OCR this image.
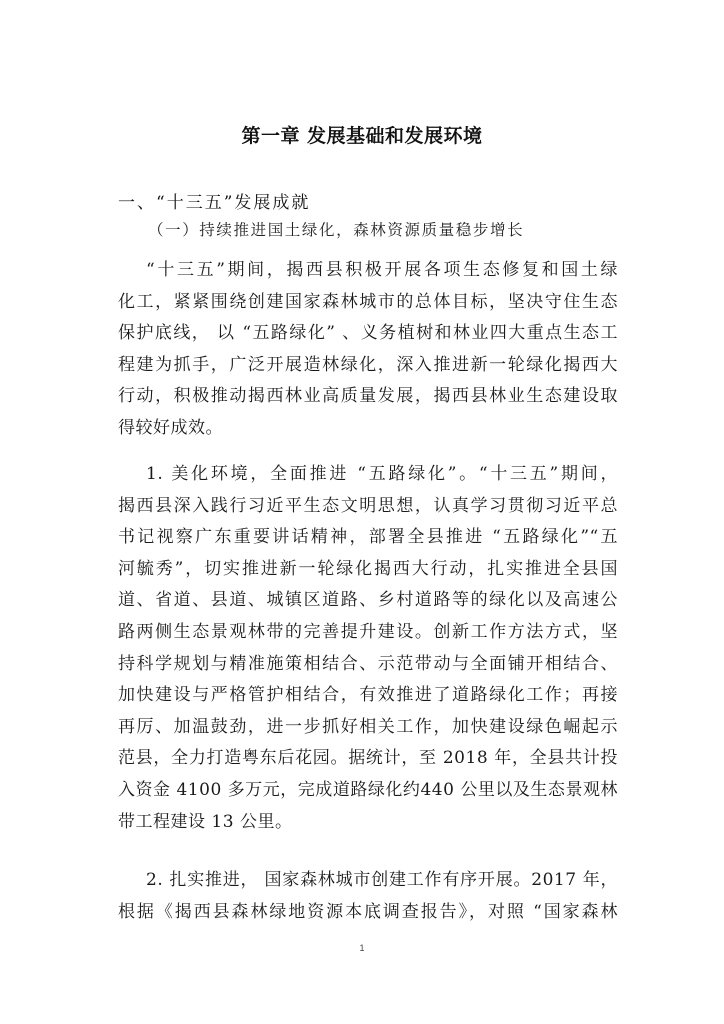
第一章 发展基础和发展环境
一、“十三五”发展成就
（一）持续推进国土绿化，森林资源质量稳步增长
“十三五”期间，揭西县积极开展各项生态修复和国土绿
化工，紧紧围绕创建国家森林城市的总体目标，坚决守住生态
保护底线， 以 “五路绿化” 、义务植树和林业四大重点生态工
程建为抓手，广泛开展造林绿化，深入推进新一轮绿化揭西大
行动，积极推动揭西林业高质量发展，揭西县林业生态建设取
得较好成效。
1. 美化环境，全面推进 “五路绿化”。“十三五”期间，
揭西县深入践行习近平生态文明思想，认真学习贯彻习近平总
书记视察广东重要讲话精神，部署全县推进 “五路绿化”“五
河毓秀”，切实推进新一轮绿化揭西大行动，扎实推进全县国
道、省道、县道、城镇区道路、乡村道路等的绿化以及高速公
路两侧生态景观林带的完善提升建设。创新工作方法方式，坚
持科学规划与精准施策相结合、示范带动与全面铺开相结合、
加快建设与严格管护相结合，有效推进了道路绿化工作；再接
再厉、加温鼓劲，进一步抓好相关工作，加快建设绿色崛起示
范县，全力打造粤东后花园。据统计，至 2018 年，全县共计投
入资金 4100 多万元，完成道路绿化约440 公里以及生态景观林
带工程建设 13 公里。
2. 扎实推进， 国家森林城市创建工作有序开展。2017 年，
根据《揭西县森林绿地资源本底调查报告》，对照 “国家森林
1
